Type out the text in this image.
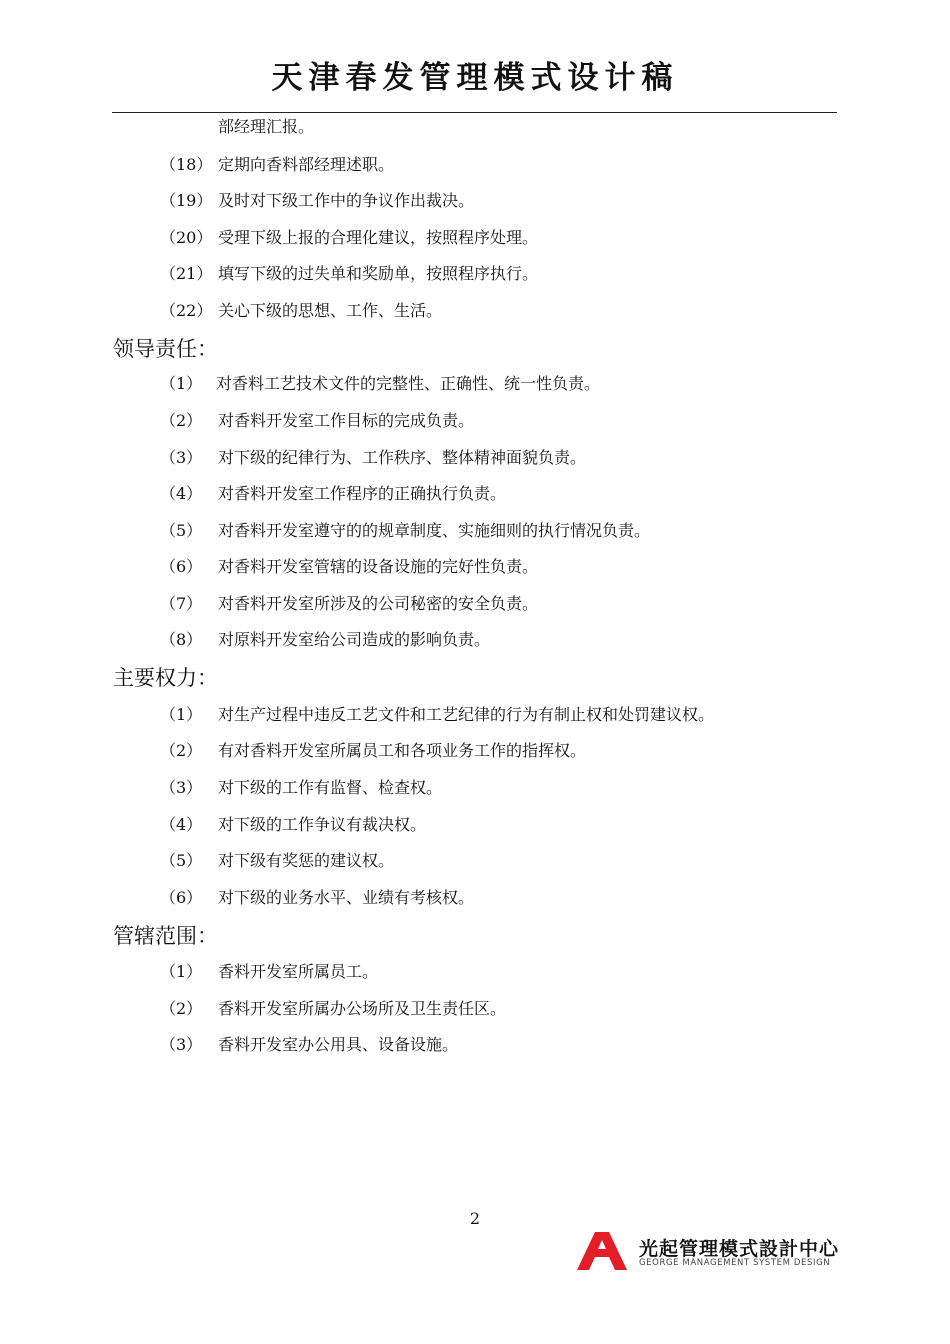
天津春发管理模式设计稿
部经理汇报。
（18） 定期向香料部经理述职。
（19） 及时对下级工作中的争议作出裁决。
（20） 受理下级上报的合理化建议，按照程序处理。
（21） 填写下级的过失单和奖励单，按照程序执行。
（22） 关心下级的思想、工作、生活。
领导责任：
（1） 对香料工艺技术文件的完整性、正确性、统一性负责。
（2） 对香料开发室工作目标的完成负责。
（3） 对下级的纪律行为、工作秩序、整体精神面貌负责。
（4） 对香料开发室工作程序的正确执行负责。
（5） 对香料开发室遵守的的规章制度、实施细则的执行情况负责。
（6） 对香料开发室管辖的设备设施的完好性负责。
（7） 对香料开发室所涉及的公司秘密的安全负责。
（8） 对原料开发室给公司造成的影响负责。
主要权力：
（1） 对生产过程中违反工艺文件和工艺纪律的行为有制止权和处罚建议权。
（2） 有对香料开发室所属员工和各项业务工作的指挥权。
（3） 对下级的工作有监督、检查权。
（4） 对下级的工作争议有裁决权。
（5） 对下级有奖惩的建议权。
（6） 对下级的业务水平、业绩有考核权。
管辖范围：
（1） 香料开发室所属员工。
（2） 香料开发室所属办公场所及卫生责任区。
（3） 香料开发室办公用具、设备设施。
2
光起管理模式設計中心
GEORGE MANAGEMENT SYSTEM DESIGN
